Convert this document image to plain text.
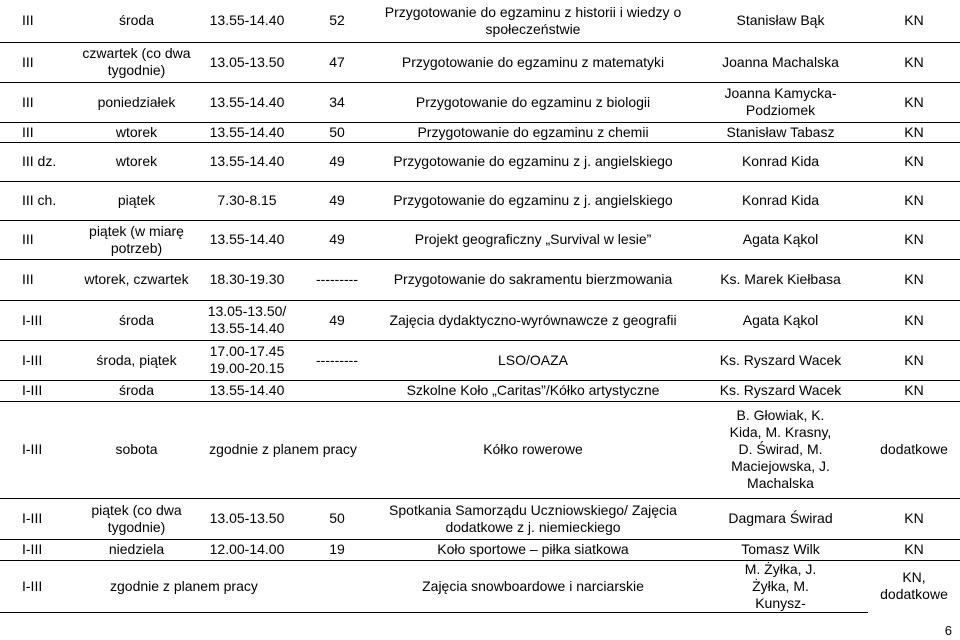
III	środa	13.55-14.40	52	Przygotowanie do egzaminu z historii i wiedzy o społeczeństwie	Stanisław Bąk	KN
III	czwartek (co dwa tygodnie)	13.05-13.50	47	Przygotowanie do egzaminu z matematyki	Joanna Machalska	KN
III	poniedziałek	13.55-14.40	34	Przygotowanie do egzaminu z biologii	Joanna Kamycka-Podziomek	KN
III	wtorek	13.55-14.40	50	Przygotowanie do egzaminu z chemii	Stanisław Tabasz	KN
III dz.	wtorek	13.55-14.40	49	Przygotowanie do egzaminu z j. angielskiego	Konrad Kida	KN
III ch.	piątek	7.30-8.15	49	Przygotowanie do egzaminu z j. angielskiego	Konrad Kida	KN
III	piątek (w miarę potrzeb)	13.55-14.40	49	Projekt geograficzny „Survival w lesie”	Agata Kąkol	KN
III	wtorek, czwartek	18.30-19.30	---------	Przygotowanie do sakramentu bierzmowania	Ks. Marek Kiełbasa	KN
I-III	środa	13.05-13.50/ 13.55-14.40	49	Zajęcia dydaktyczno-wyrównawcze z geografii	Agata Kąkol	KN
I-III	środa, piątek	17.00-17.45 19.00-20.15	---------	LSO/OAZA	Ks. Ryszard Wacek	KN
I-III	środa	13.55-14.40		Szkolne Koło „Caritas”/Kółko artystyczne	Ks. Ryszard Wacek	KN
I-III	sobota	zgodnie z planem pracy		Kółko rowerowe	B. Głowiak, K. Kida, M. Krasny, D. Świrad, M. Maciejowska, J. Machalska	dodatkowe
I-III	piątek (co dwa tygodnie)	13.05-13.50	50	Spotkania Samorządu Uczniowskiego/ Zajęcia dodatkowe z j. niemieckiego	Dagmara Świrad	KN
I-III	niedziela	12.00-14.00	19	Koło sportowe – piłka siatkowa	Tomasz Wilk	KN
I-III	zgodnie z planem pracy			Zajęcia snowboardowe i narciarskie	M. Żyłka, J. Żyłka, M. Kunysz-	KN, dodatkowe
6
